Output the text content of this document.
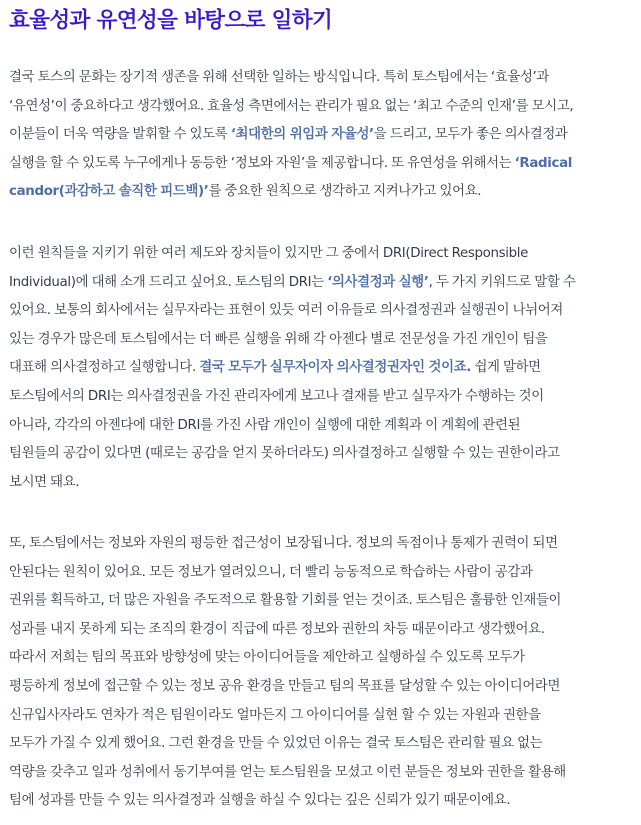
효율성과 유연성을 바탕으로 일하기

결국 토스의 문화는 장기적 생존을 위해 선택한 일하는 방식입니다. 특히 토스팀에서는 ‘효율성’과
‘유연성’이 중요하다고 생각했어요. 효율성 측면에서는 관리가 필요 없는 ‘최고 수준의 인재’를 모시고,
이분들이 더욱 역량을 발휘할 수 있도록 ‘최대한의 위임과 자율성’을 드리고, 모두가 좋은 의사결정과
실행을 할 수 있도록 누구에게나 동등한 ‘정보와 자원’을 제공합니다. 또 유연성을 위해서는 ‘Radical
candor(과감하고 솔직한 피드백)’를 중요한 원칙으로 생각하고 지켜나가고 있어요.

이런 원칙들을 지키기 위한 여러 제도와 장치들이 있지만 그 중에서 DRI(Direct Responsible
Individual)에 대해 소개 드리고 싶어요. 토스팀의 DRI는 ‘의사결정과 실행’, 두 가지 키워드로 말할 수
있어요. 보통의 회사에서는 실무자라는 표현이 있듯 여러 이유들로 의사결정권과 실행권이 나뉘어져
있는 경우가 많은데 토스팀에서는 더 빠른 실행을 위해 각 아젠다 별로 전문성을 가진 개인이 팀을
대표해 의사결정하고 실행합니다. 결국 모두가 실무자이자 의사결정권자인 것이죠. 쉽게 말하면
토스팀에서의 DRI는 의사결정권을 가진 관리자에게 보고나 결재를 받고 실무자가 수행하는 것이
아니라, 각각의 아젠다에 대한 DRI를 가진 사람 개인이 실행에 대한 계획과 이 계획에 관련된
팀원들의 공감이 있다면 (때로는 공감을 얻지 못하더라도) 의사결정하고 실행할 수 있는 권한이라고
보시면 돼요.

또, 토스팀에서는 정보와 자원의 평등한 접근성이 보장됩니다. 정보의 독점이나 통제가 권력이 되면
안된다는 원칙이 있어요. 모든 정보가 열려있으니, 더 빨리 능동적으로 학습하는 사람이 공감과
권위를 획득하고, 더 많은 자원을 주도적으로 활용할 기회를 얻는 것이죠. 토스팀은 훌륭한 인재들이
성과를 내지 못하게 되는 조직의 환경이 직급에 따른 정보와 권한의 차등 때문이라고 생각했어요.
따라서 저희는 팀의 목표와 방향성에 맞는 아이디어들을 제안하고 실행하실 수 있도록 모두가
평등하게 정보에 접근할 수 있는 정보 공유 환경을 만들고 팀의 목표를 달성할 수 있는 아이디어라면
신규입사자라도 연차가 적은 팀원이라도 얼마든지 그 아이디어를 실현 할 수 있는 자원과 권한을
모두가 가질 수 있게 했어요. 그런 환경을 만들 수 있었던 이유는 결국 토스팀은 관리할 필요 없는
역량을 갖추고 일과 성취에서 동기부여를 얻는 토스팀원을 모셨고 이런 분들은 정보와 권한을 활용해
팀에 성과를 만들 수 있는 의사결정과 실행을 하실 수 있다는 깊은 신뢰가 있기 때문이에요.
